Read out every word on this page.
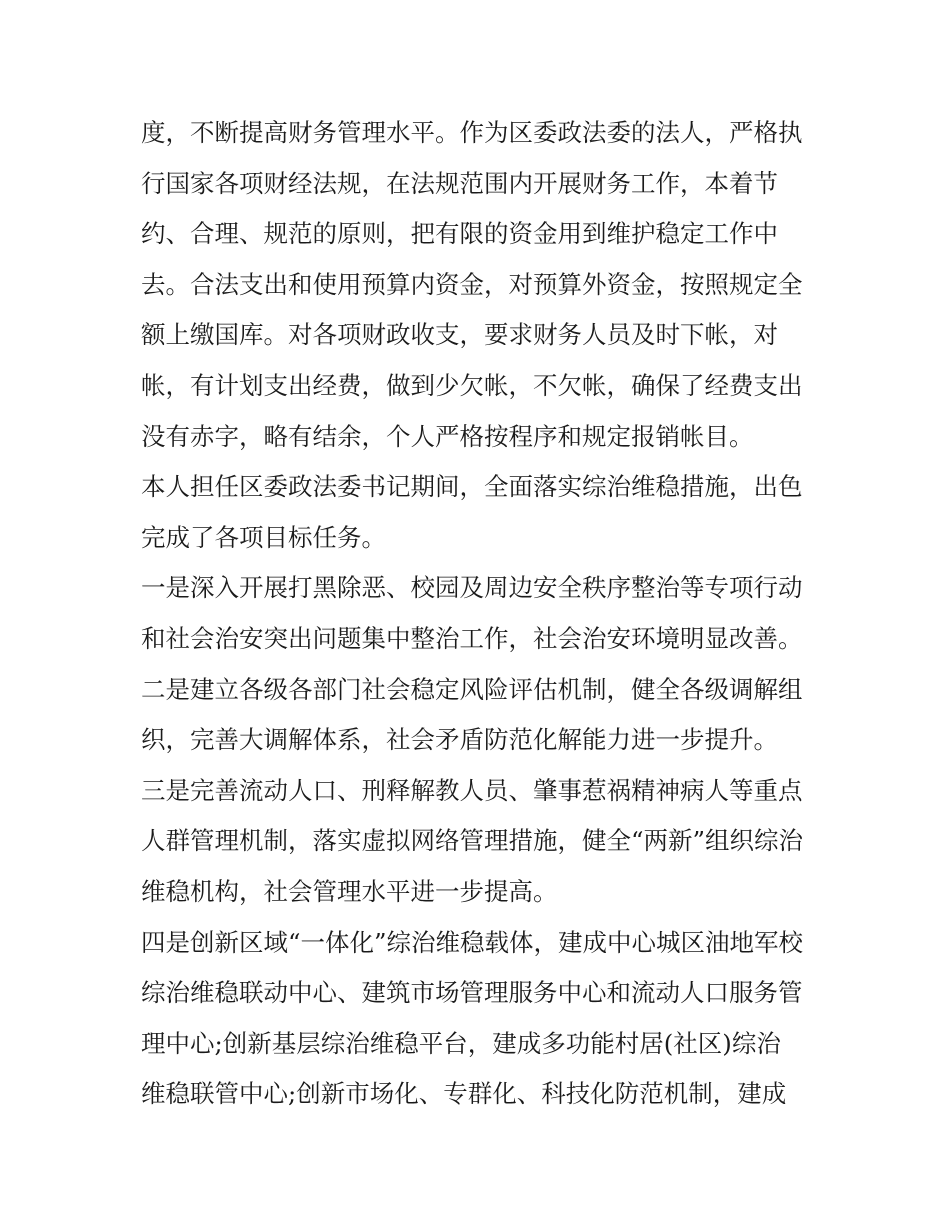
度，不断提高财务管理水平。作为区委政法委的法人，严格执
行国家各项财经法规，在法规范围内开展财务工作，本着节
约、合理、规范的原则，把有限的资金用到维护稳定工作中
去。合法支出和使用预算内资金，对预算外资金，按照规定全
额上缴国库。对各项财政收支，要求财务人员及时下帐，对
帐，有计划支出经费，做到少欠帐，不欠帐，确保了经费支出
没有赤字，略有结余，个人严格按程序和规定报销帐目。
本人担任区委政法委书记期间，全面落实综治维稳措施，出色
完成了各项目标任务。
一是深入开展打黑除恶、校园及周边安全秩序整治等专项行动
和社会治安突出问题集中整治工作，社会治安环境明显改善。
二是建立各级各部门社会稳定风险评估机制，健全各级调解组
织，完善大调解体系，社会矛盾防范化解能力进一步提升。
三是完善流动人口、刑释解教人员、肇事惹祸精神病人等重点
人群管理机制，落实虚拟网络管理措施，健全“两新”组织综治
维稳机构，社会管理水平进一步提高。
四是创新区域“一体化”综治维稳载体，建成中心城区油地军校
综治维稳联动中心、建筑市场管理服务中心和流动人口服务管
理中心;创新基层综治维稳平台，建成多功能村居(社区)综治
维稳联管中心;创新市场化、专群化、科技化防范机制，建成
